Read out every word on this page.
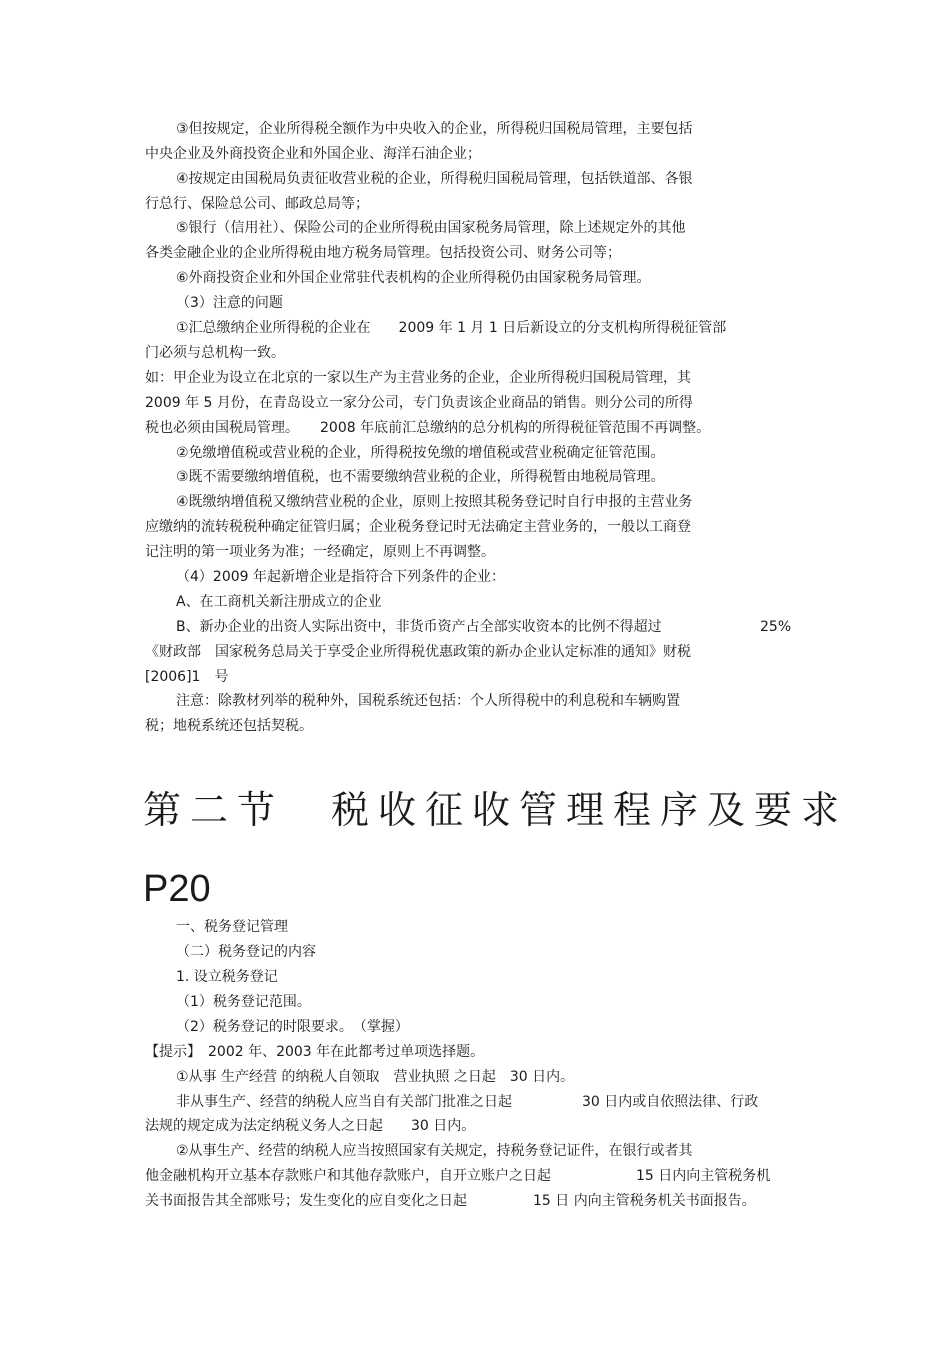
③但按规定，企业所得税全额作为中央收入的企业，所得税归国税局管理，主要包括
中央企业及外商投资企业和外国企业、海洋石油企业；
④按规定由国税局负责征收营业税的企业，所得税归国税局管理，包括铁道部、各银
行总行、保险总公司、邮政总局等；
⑤银行（信用社）、保险公司的企业所得税由国家税务局管理，除上述规定外的其他
各类金融企业的企业所得税由地方税务局管理。包括投资公司、财务公司等；
⑥外商投资企业和外国企业常驻代表机构的企业所得税仍由国家税务局管理。
（3）注意的问题
①汇总缴纳企业所得税的企业在　　2009 年 1 月 1 日后新设立的分支机构所得税征管部
门必须与总机构一致。
如：甲企业为设立在北京的一家以生产为主营业务的企业，企业所得税归国税局管理，其
2009 年 5 月份，在青岛设立一家分公司，专门负责该企业商品的销售。则分公司的所得
税也必须由国税局管理。　　2008 年底前汇总缴纳的总分机构的所得税征管范围不再调整。
②免缴增值税或营业税的企业，所得税按免缴的增值税或营业税确定征管范围。
③既不需要缴纳增值税，也不需要缴纳营业税的企业，所得税暂由地税局管理。
④既缴纳增值税又缴纳营业税的企业，原则上按照其税务登记时自行申报的主营业务
应缴纳的流转税税种确定征管归属；企业税务登记时无法确定主营业务的，一般以工商登
记注明的第一项业务为准；一经确定，原则上不再调整。
（4）2009 年起新增企业是指符合下列条件的企业：
A、在工商机关新注册成立的企业
B、新办企业的出资人实际出资中，非货币资产占全部实收资本的比例不得超过	25%
《财政部　国家税务总局关于享受企业所得税优惠政策的新办企业认定标准的通知》财税
[2006]1　号
注意：除教材列举的税种外，国税系统还包括：个人所得税中的利息税和车辆购置
税；地税系统还包括契税。
第二节　税收征收管理程序及要求
P20
一、税务登记管理
（二）税务登记的内容
1. 设立税务登记
（1）税务登记范围。
（2）税务登记的时限要求。　（掌握）
【提示】　2002 年、2003 年在此都考过单项选择题。
①从事 生产经营 的纳税人自领取　营业执照 之日起　30 日内。
非从事生产、经营的纳税人应当自有关部门批准之日起	30 日内或自依照法律、行政
法规的规定成为法定纳税义务人之日起　　30 日内。
②从事生产、经营的纳税人应当按照国家有关规定，持税务登记证件，在银行或者其
他金融机构开立基本存款账户和其他存款账户，自开立账户之日起	15 日内向主管税务机
关书面报告其全部账号；发生变化的应自变化之日起	15 日 内向主管税务机关书面报告。
